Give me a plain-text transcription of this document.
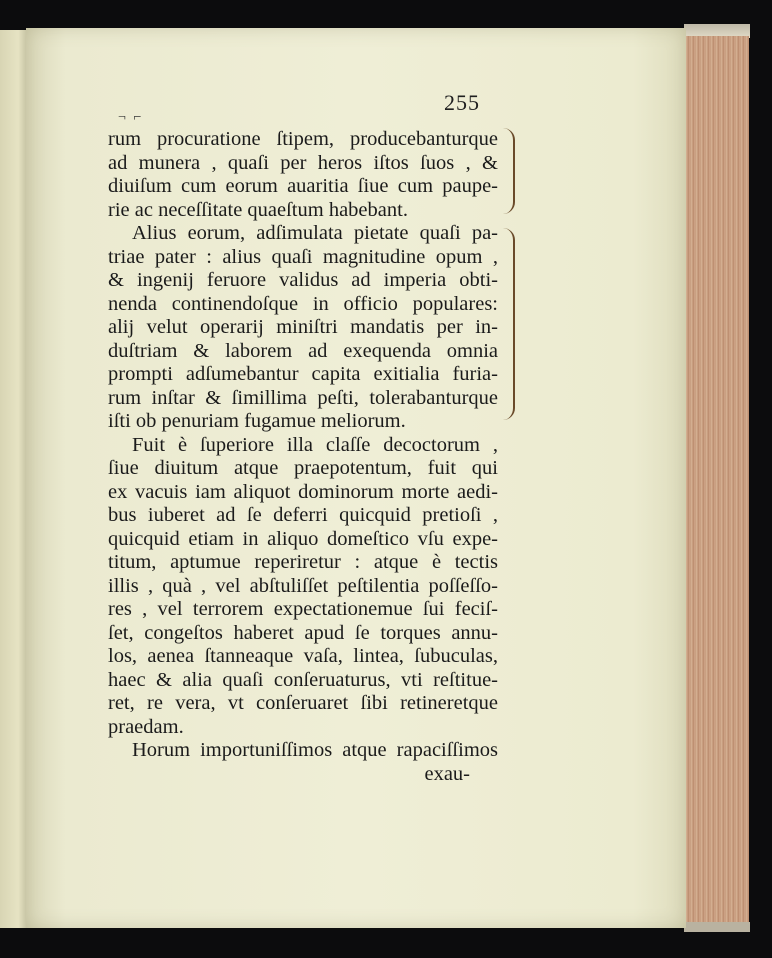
¬ ⌐
255
rum procuratione ſtipem, producebanturque
ad munera , quaſi per heros iſtos ſuos , &
diuiſum cum eorum auaritia ſiue cum paupe-
rie ac neceſſitate quaeſtum habebant.
Alius eorum, adſimulata pietate quaſi pa-
triae pater : alius quaſi magnitudine opum ,
& ingenij feruore validus ad imperia obti-
nenda continendoſque in officio populares:
alij velut operarij miniſtri mandatis per in-
duſtriam & laborem ad exequenda omnia
prompti adſumebantur capita exitialia furia-
rum inſtar & ſimillima peſti, tolerabanturque
iſti ob penuriam fugamue meliorum.
Fuit è ſuperiore illa claſſe decoctorum ,
ſiue diuitum atque praepotentum, fuit qui
ex vacuis iam aliquot dominorum morte aedi-
bus iuberet ad ſe deferri quicquid pretioſi ,
quicquid etiam in aliquo domeſtico vſu expe-
titum, aptumue reperiretur : atque è tectis
illis , quà , vel abſtuliſſet peſtilentia poſſeſſo-
res , vel terrorem expectationemue ſui feciſ-
ſet, congeſtos haberet apud ſe torques annu-
los, aenea ſtanneaque vaſa, lintea, ſubuculas,
haec & alia quaſi conſeruaturus, vti reſtitue-
ret, re vera, vt conſeruaret ſibi retineretque
praedam.
Horum importuniſſimos atque rapaciſſimos
exau-
